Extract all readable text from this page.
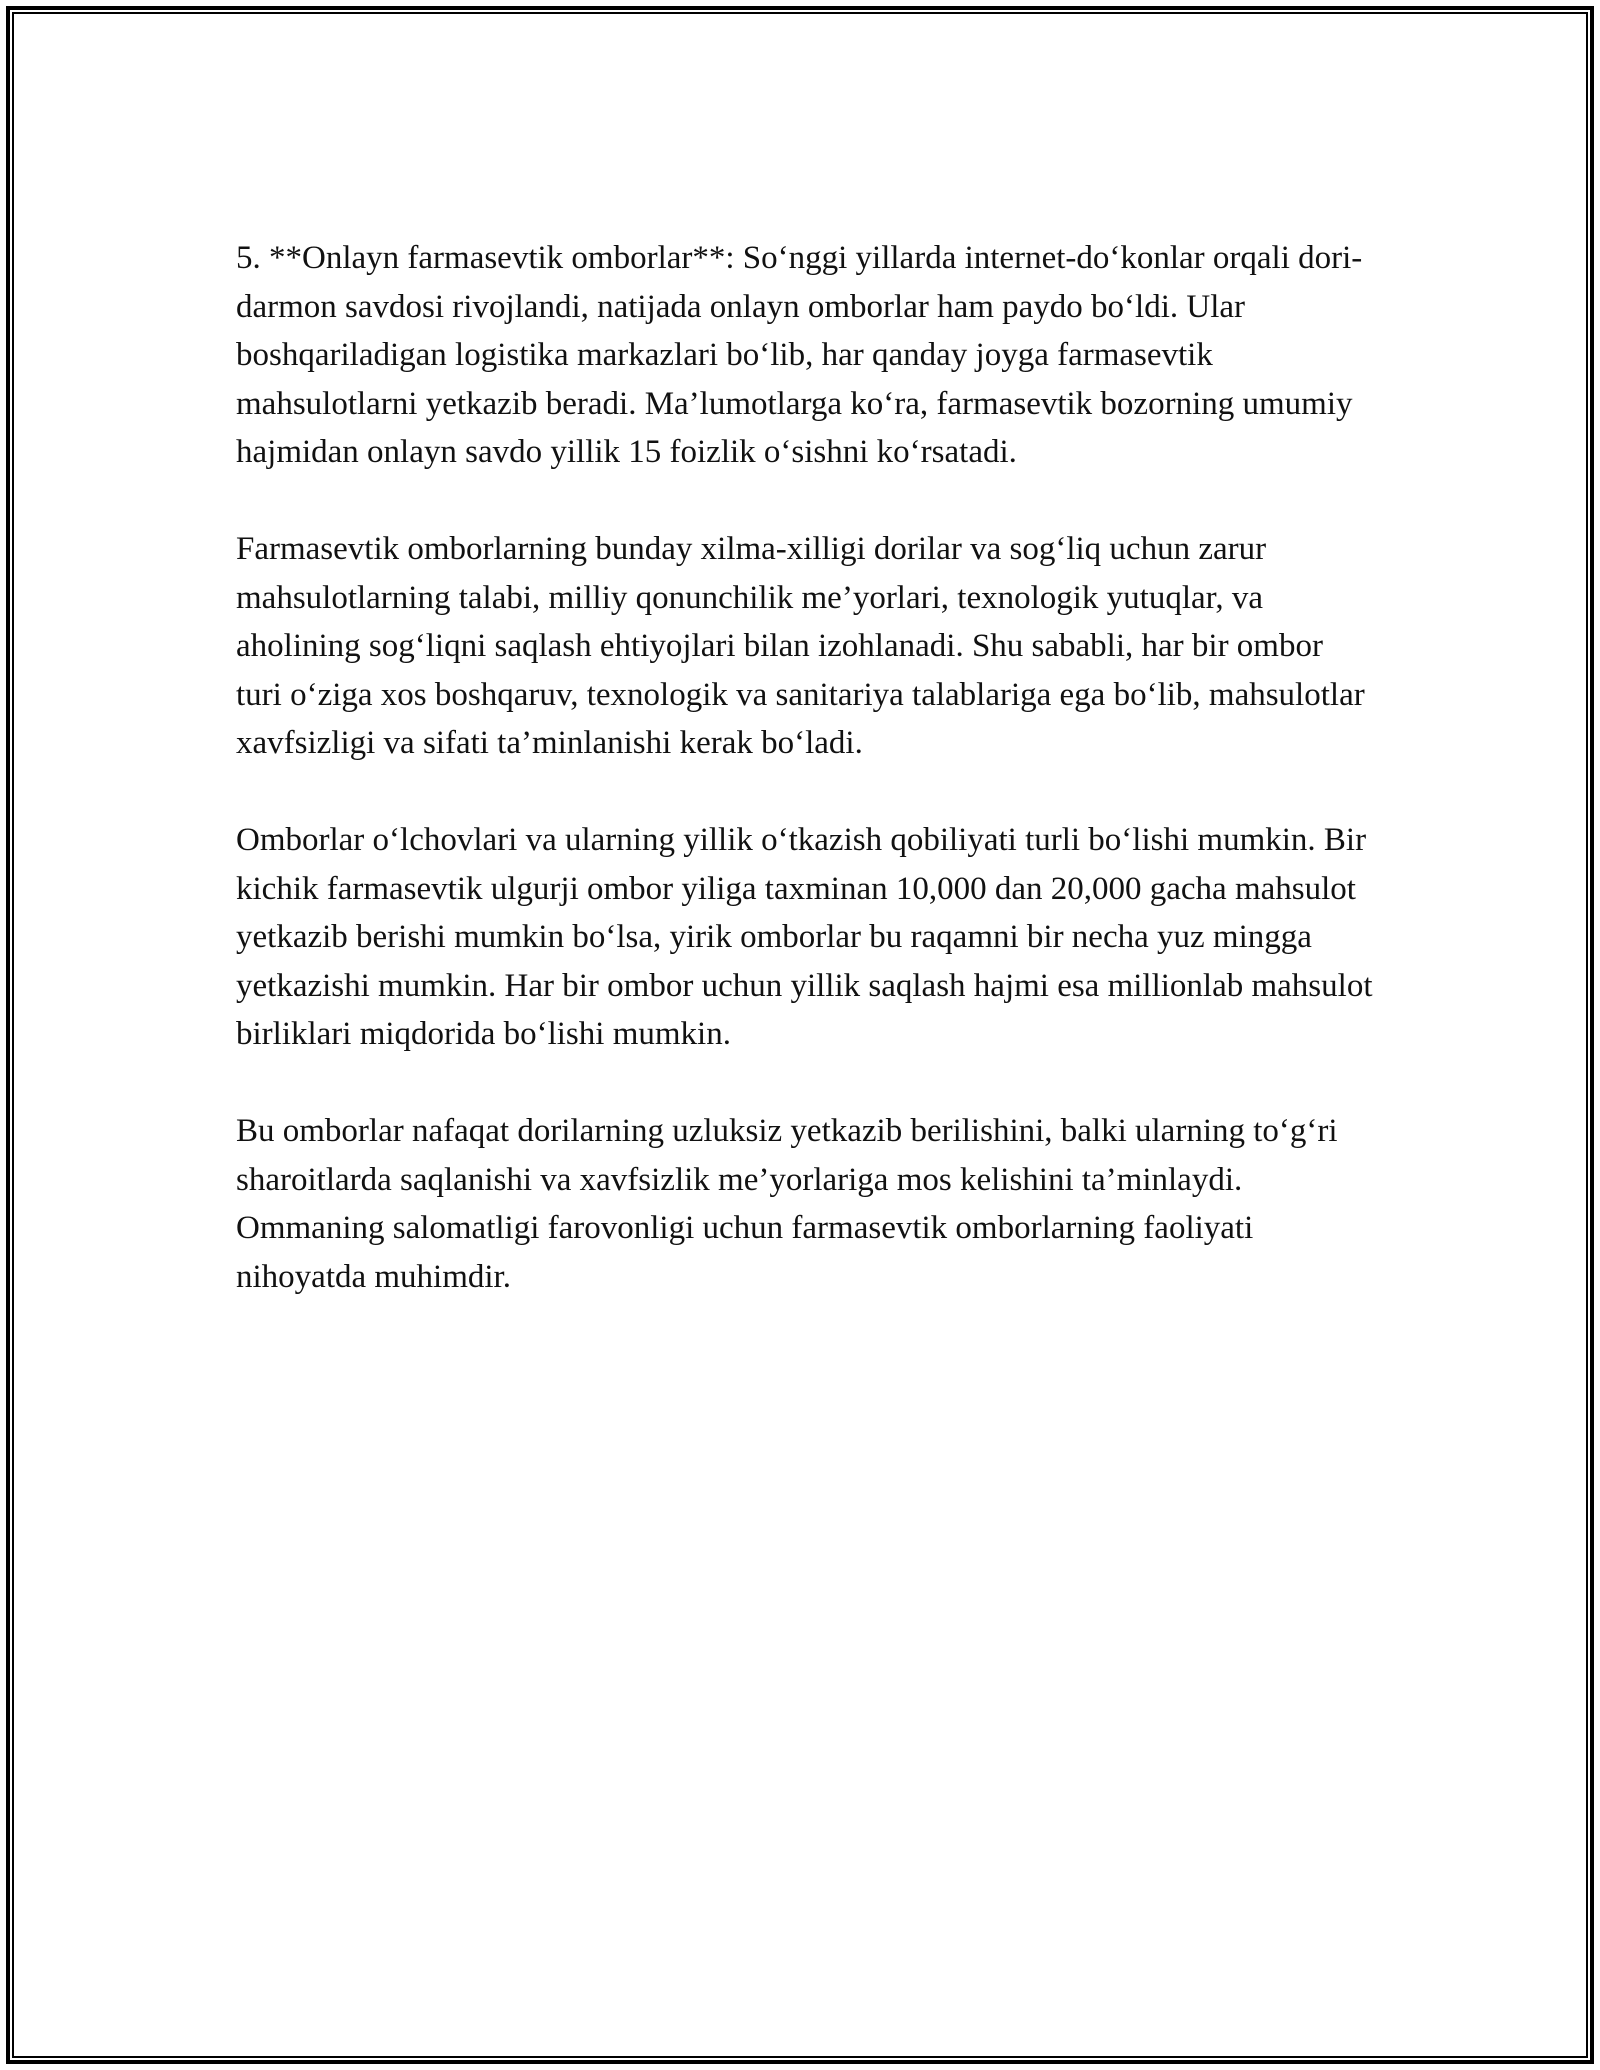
5. **Onlayn farmasevtik omborlar**: So‘nggi yillarda internet-do‘konlar orqali dori-darmon savdosi rivojlandi, natijada onlayn omborlar ham paydo bo‘ldi. Ular boshqariladigan logistika markazlari bo‘lib, har qanday joyga farmasevtik mahsulotlarni yetkazib beradi. Ma’lumotlarga ko‘ra, farmasevtik bozorning umumiy hajmidan onlayn savdo yillik 15 foizlik o‘sishni ko‘rsatadi.

Farmasevtik omborlarning bunday xilma-xilligi dorilar va sog‘liq uchun zarur mahsulotlarning talabi, milliy qonunchilik me’yorlari, texnologik yutuqlar, va aholining sog‘liqni saqlash ehtiyojlari bilan izohlanadi. Shu sababli, har bir ombor turi o‘ziga xos boshqaruv, texnologik va sanitariya talablariga ega bo‘lib, mahsulotlar xavfsizligi va sifati ta’minlanishi kerak bo‘ladi.

Omborlar o‘lchovlari va ularning yillik o‘tkazish qobiliyati turli bo‘lishi mumkin. Bir kichik farmasevtik ulgurji ombor yiliga taxminan 10,000 dan 20,000 gacha mahsulot yetkazib berishi mumkin bo‘lsa, yirik omborlar bu raqamni bir necha yuz mingga yetkazishi mumkin. Har bir ombor uchun yillik saqlash hajmi esa millionlab mahsulot birliklari miqdorida bo‘lishi mumkin.

Bu omborlar nafaqat dorilarning uzluksiz yetkazib berilishini, balki ularning to‘g‘ri sharoitlarda saqlanishi va xavfsizlik me’yorlariga mos kelishini ta’minlaydi. Ommaning salomatligi farovonligi uchun farmasevtik omborlarning faoliyati nihoyatda muhimdir.
